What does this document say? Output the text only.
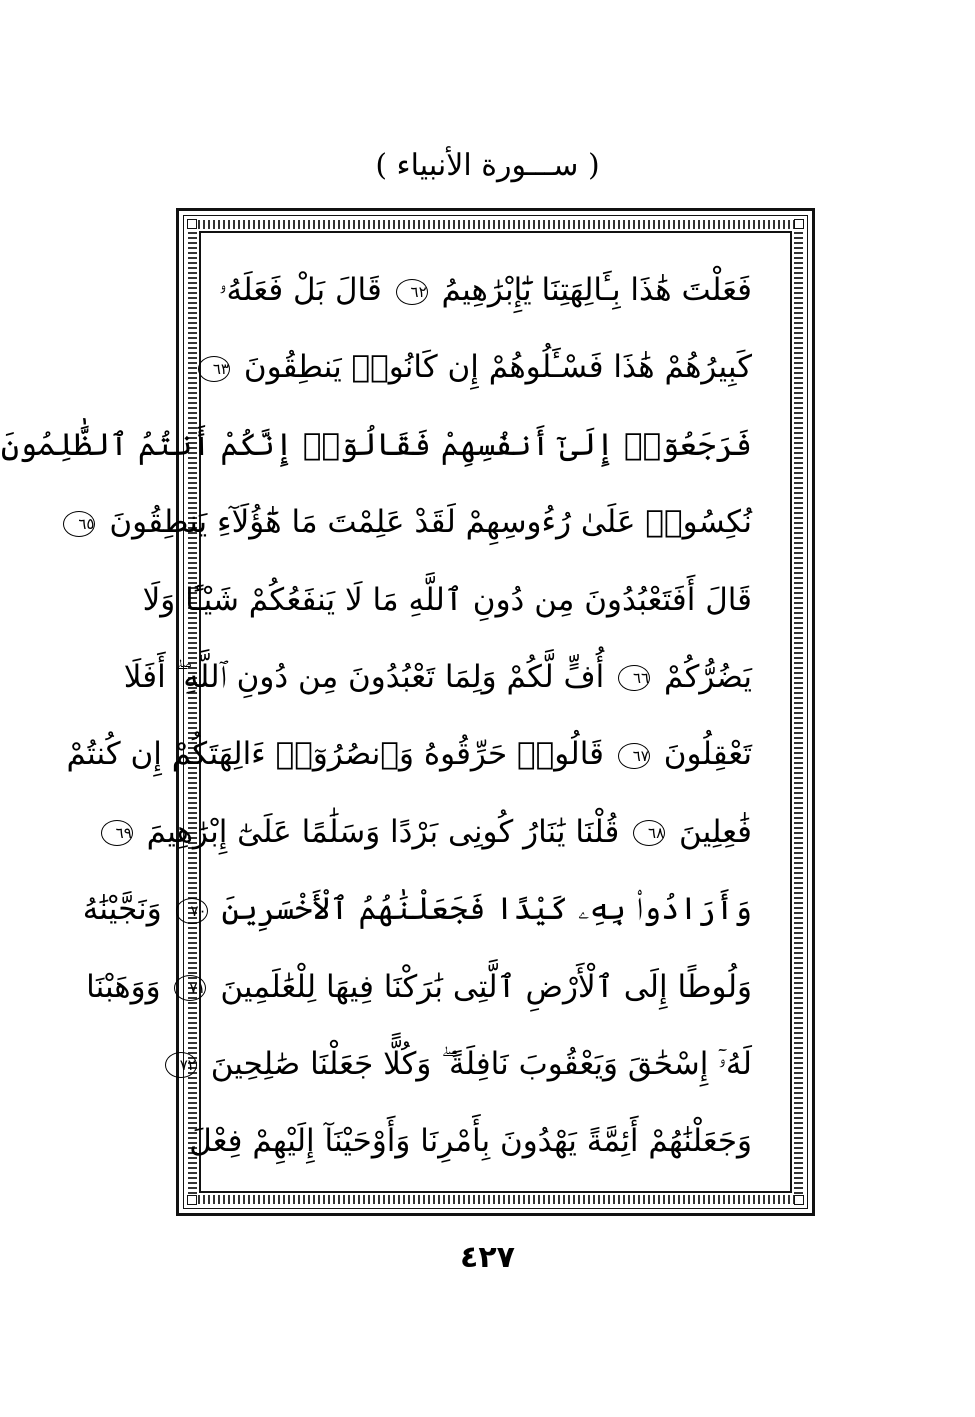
( ســـورة الأنبياء )
فَعَلْتَ هَٰذَا بِـَٔالِهَتِنَا يَٰٓإِبْرَٰهِيمُ ٦٢ قَالَ بَلْ فَعَلَهُۥ
كَبِيرُهُمْ هَٰذَا فَسْـَٔلُوهُمْ إِن كَانُوا۟ يَنطِقُونَ ٦٣
فَرَجَعُوٓا۟ إِلَىٰٓ أَنفُسِهِمْ فَقَالُوٓا۟ إِنَّكُمْ أَنتُمُ ٱلظَّٰلِمُونَ
نُكِسُوا۟ عَلَىٰ رُءُوسِهِمْ لَقَدْ عَلِمْتَ مَا هَٰٓؤُلَآءِ يَنطِقُونَ ٦٥
قَالَ أَفَتَعْبُدُونَ مِن دُونِ ٱللَّهِ مَا لَا يَنفَعُكُمْ شَيْـًٔا وَلَا
يَضُرُّكُمْ ٦٦ أُفٍّ لَّكُمْ وَلِمَا تَعْبُدُونَ مِن دُونِ ٱللَّهِ ۖ أَفَلَا
تَعْقِلُونَ ٦٧ قَالُوا۟ حَرِّقُوهُ وَٱنصُرُوٓا۟ ءَالِهَتَكُمْ إِن كُنتُمْ
فَٰعِلِينَ ٦٨ قُلْنَا يَٰنَارُ كُونِى بَرْدًا وَسَلَٰمًا عَلَىٰٓ إِبْرَٰهِيمَ ٦٩
وَأَرَادُوا۟ بِهِۦ كَيْدًا فَجَعَلْنَٰهُمُ ٱلْأَخْسَرِينَ ٧٠ وَنَجَّيْنَٰهُ
وَلُوطًا إِلَى ٱلْأَرْضِ ٱلَّتِى بَٰرَكْنَا فِيهَا لِلْعَٰلَمِينَ ٧١ وَوَهَبْنَا
لَهُۥٓ إِسْحَٰقَ وَيَعْقُوبَ نَافِلَةً ۖ وَكُلًّا جَعَلْنَا صَٰلِحِينَ ٧٢
وَجَعَلْنَٰهُمْ أَئِمَّةً يَهْدُونَ بِأَمْرِنَا وَأَوْحَيْنَآ إِلَيْهِمْ فِعْلَ
٤٢٧
